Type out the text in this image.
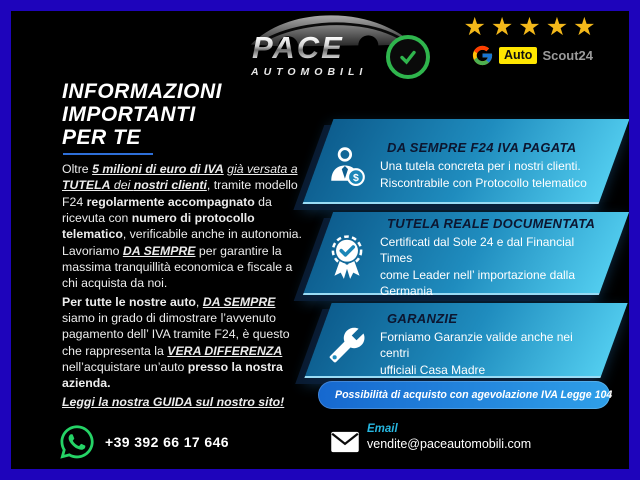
PACE
AUTOMOBILI
★★★★★
Auto Scout24
INFORMAZIONI
IMPORTANTI
PER TE

Oltre 5 milioni di euro di IVA già versata a TUTELA dei nostri clienti, tramite modello F24 regolarmente accompagnato da ricevuta con numero di protocollo telematico, verificabile anche in autonomia. Lavoriamo DA SEMPRE per garantire la massima tranquillità economica e fiscale a chi acquista da noi.

Per tutte le nostre auto, DA SEMPRE siamo in grado di dimostrare l’avvenuto pagamento dell’ IVA tramite F24, è questo che rappresenta la VERA DIFFERENZA nell’acquistare un’auto presso la nostra azienda.

Leggi la nostra GUIDA sul nostro sito!

$
DA SEMPRE F24 IVA PAGATA
Una tutela concreta per i nostri clienti.
Riscontrabile con Protocollo telematico
TUTELA REALE DOCUMENTATA
Certificati dal Sole 24 e dal Financial Times
come Leader nell’ importazione dalla Germania
GARANZIE
Forniamo Garanzie valide anche nei centri
ufficiali Casa Madre
Possibilità di acquisto con agevolazione IVA Legge 104
+39 392 66 17 646
Email
vendite@paceautomobili.com
